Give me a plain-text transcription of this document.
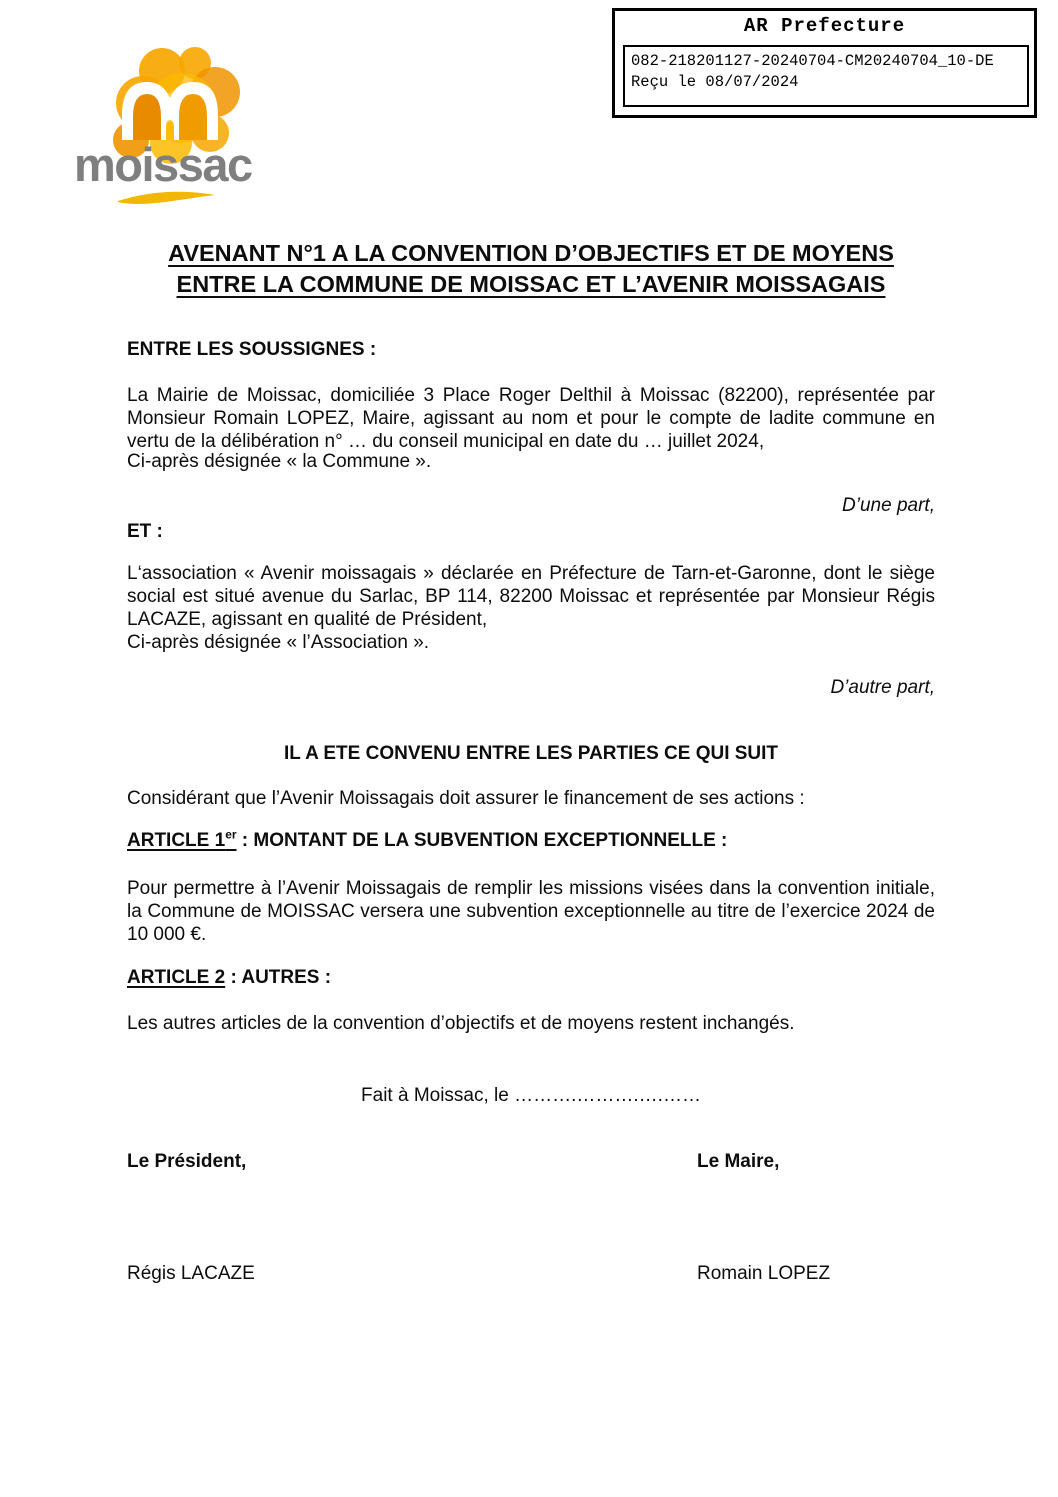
moissac
AR Prefecture
082-218201127-20240704-CM20240704_10-DE
Reçu le 08/07/2024
AVENANT N°1 A LA CONVENTION D’OBJECTIFS ET DE MOYENS
ENTRE LA COMMUNE DE MOISSAC ET L’AVENIR MOISSAGAIS
ENTRE LES SOUSSIGNES :
La Mairie de Moissac, domiciliée 3 Place Roger Delthil à Moissac (82200), représentée par Monsieur Romain LOPEZ, Maire, agissant au nom et pour le compte de ladite commune en vertu de la délibération n° … du conseil municipal en date du … juillet 2024,
Ci-après désignée « la Commune ».
D’une part,
ET :
L‘association « Avenir moissagais » déclarée en Préfecture de Tarn-et-Garonne, dont le siège social est situé avenue du Sarlac, BP 114, 82200 Moissac et représentée par Monsieur Régis LACAZE, agissant en qualité de Président,
Ci-après désignée « l’Association ».
D’autre part,
IL A ETE CONVENU ENTRE LES PARTIES CE QUI SUIT
Considérant que l’Avenir Moissagais doit assurer le financement de ses actions :
ARTICLE 1er : MONTANT DE LA SUBVENTION EXCEPTIONNELLE :
Pour permettre à l’Avenir Moissagais de remplir les missions visées dans la convention initiale, la Commune de MOISSAC versera une subvention exceptionnelle au titre de l’exercice 2024 de 10 000 €.
ARTICLE 2 : AUTRES :
Les autres articles de la convention d’objectifs et de moyens restent inchangés.
Fait à Moissac, le ……….……….….……
Le Président,	Le Maire,
Régis LACAZE	Romain LOPEZ
